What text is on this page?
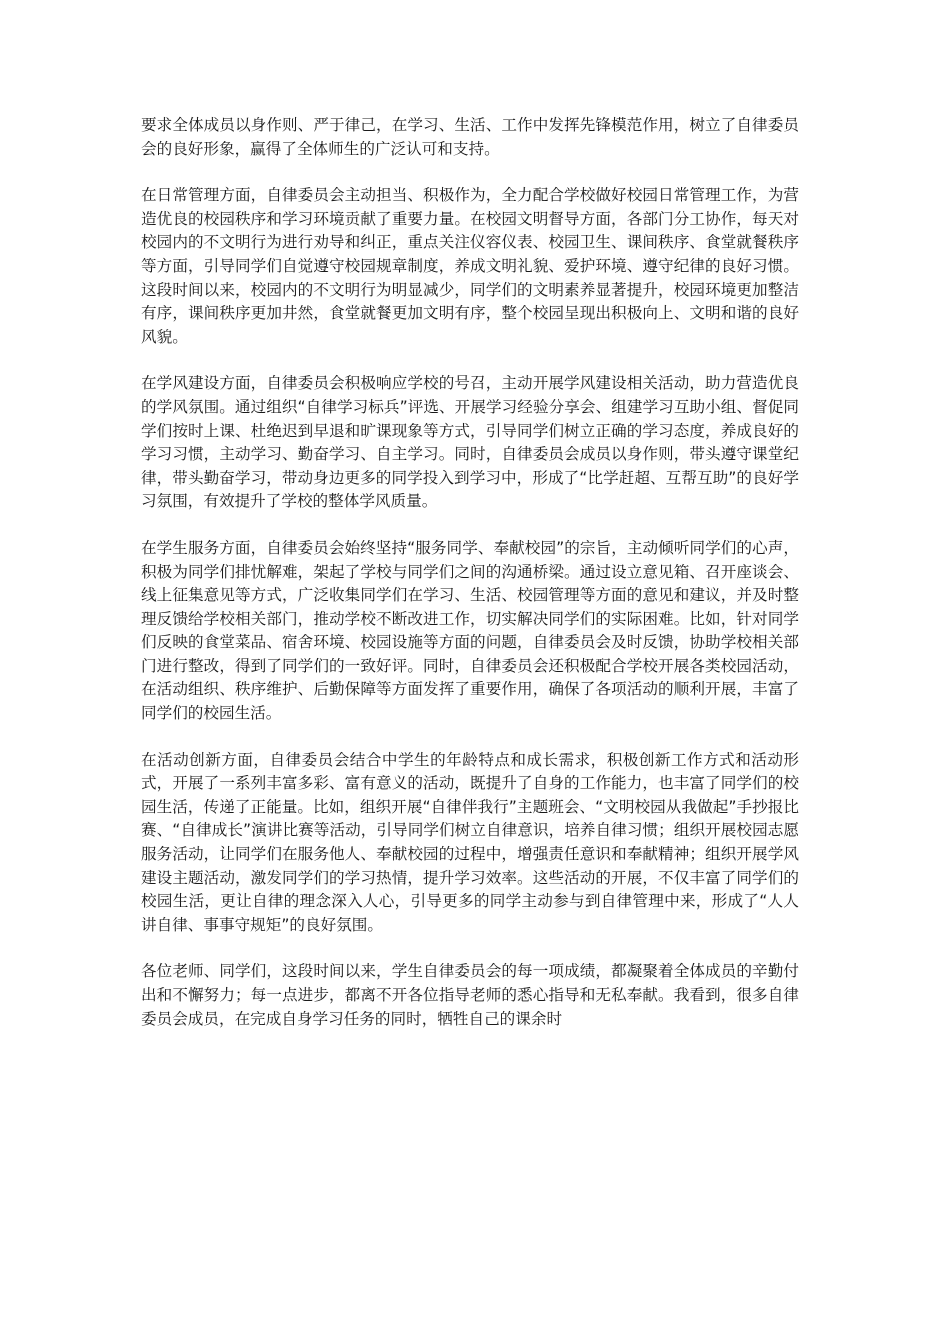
要求全体成员以身作则、严于律己，在学习、生活、工作中发挥先锋模范作用，树立了自律委员会的良好形象，赢得了全体师生的广泛认可和支持。

在日常管理方面，自律委员会主动担当、积极作为，全力配合学校做好校园日常管理工作，为营造优良的校园秩序和学习环境贡献了重要力量。在校园文明督导方面，各部门分工协作，每天对校园内的不文明行为进行劝导和纠正，重点关注仪容仪表、校园卫生、课间秩序、食堂就餐秩序等方面，引导同学们自觉遵守校园规章制度，养成文明礼貌、爱护环境、遵守纪律的良好习惯。这段时间以来，校园内的不文明行为明显减少，同学们的文明素养显著提升，校园环境更加整洁有序，课间秩序更加井然，食堂就餐更加文明有序，整个校园呈现出积极向上、文明和谐的良好风貌。

在学风建设方面，自律委员会积极响应学校的号召，主动开展学风建设相关活动，助力营造优良的学风氛围。通过组织“自律学习标兵”评选、开展学习经验分享会、组建学习互助小组、督促同学们按时上课、杜绝迟到早退和旷课现象等方式，引导同学们树立正确的学习态度，养成良好的学习习惯，主动学习、勤奋学习、自主学习。同时，自律委员会成员以身作则，带头遵守课堂纪律，带头勤奋学习，带动身边更多的同学投入到学习中，形成了“比学赶超、互帮互助”的良好学习氛围，有效提升了学校的整体学风质量。

在学生服务方面，自律委员会始终坚持“服务同学、奉献校园”的宗旨，主动倾听同学们的心声，积极为同学们排忧解难，架起了学校与同学们之间的沟通桥梁。通过设立意见箱、召开座谈会、线上征集意见等方式，广泛收集同学们在学习、生活、校园管理等方面的意见和建议，并及时整理反馈给学校相关部门，推动学校不断改进工作，切实解决同学们的实际困难。比如，针对同学们反映的食堂菜品、宿舍环境、校园设施等方面的问题，自律委员会及时反馈，协助学校相关部门进行整改，得到了同学们的一致好评。同时，自律委员会还积极配合学校开展各类校园活动，在活动组织、秩序维护、后勤保障等方面发挥了重要作用，确保了各项活动的顺利开展，丰富了同学们的校园生活。

在活动创新方面，自律委员会结合中学生的年龄特点和成长需求，积极创新工作方式和活动形式，开展了一系列丰富多彩、富有意义的活动，既提升了自身的工作能力，也丰富了同学们的校园生活，传递了正能量。比如，组织开展“自律伴我行”主题班会、“文明校园从我做起”手抄报比赛、“自律成长”演讲比赛等活动，引导同学们树立自律意识，培养自律习惯；组织开展校园志愿服务活动，让同学们在服务他人、奉献校园的过程中，增强责任意识和奉献精神；组织开展学风建设主题活动，激发同学们的学习热情，提升学习效率。这些活动的开展，不仅丰富了同学们的校园生活，更让自律的理念深入人心，引导更多的同学主动参与到自律管理中来，形成了“人人讲自律、事事守规矩”的良好氛围。

各位老师、同学们，这段时间以来，学生自律委员会的每一项成绩，都凝聚着全体成员的辛勤付出和不懈努力；每一点进步，都离不开各位指导老师的悉心指导和无私奉献。我看到，很多自律委员会成员，在完成自身学习任务的同时，牺牲自己的课余时
